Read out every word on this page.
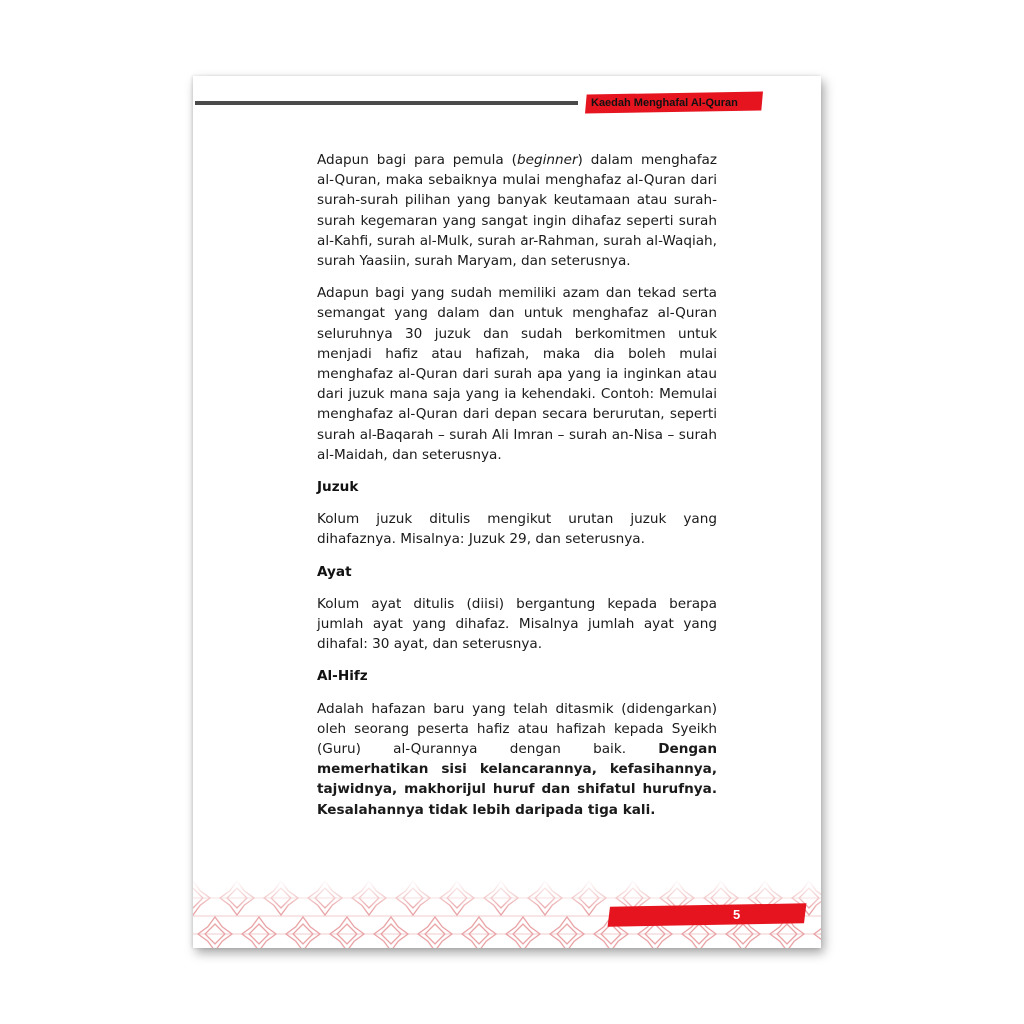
Kaedah Menghafal Al-Quran

Adapun bagi para pemula (beginner) dalam menghafaz al-Quran, maka sebaiknya mulai menghafaz al-Quran dari surah-surah pilihan yang banyak keutamaan atau surah-surah kegemaran yang sangat ingin dihafaz seperti surah al-Kahfi, surah al-Mulk, surah ar-Rahman, surah al-Waqiah, surah Yaasiin, surah Maryam, dan seterusnya.

Adapun bagi yang sudah memiliki azam dan tekad serta semangat yang dalam dan untuk menghafaz al-Quran seluruhnya 30 juzuk dan sudah berkomitmen untuk menjadi hafiz atau hafizah, maka dia boleh mulai menghafaz al-Quran dari surah apa yang ia inginkan atau dari juzuk mana saja yang ia kehendaki. Contoh: Memulai menghafaz al-Quran dari depan secara berurutan, seperti surah al-Baqarah – surah Ali Imran – surah an-Nisa – surah al-Maidah, dan seterusnya.

Juzuk

Kolum juzuk ditulis mengikut urutan juzuk yang dihafaznya. Misalnya: Juzuk 29, dan seterusnya.

Ayat

Kolum ayat ditulis (diisi) bergantung kepada berapa jumlah ayat yang dihafaz. Misalnya jumlah ayat yang dihafal: 30 ayat, dan seterusnya.

Al-Hifz

Adalah hafazan baru yang telah ditasmik (didengarkan) oleh seorang peserta hafiz atau hafizah kepada Syeikh (Guru) al-Qurannya dengan baik. Dengan memerhatikan sisi kelancarannya, kefasihannya, tajwidnya, makhorijul huruf dan shifatul hurufnya. Kesalahannya tidak lebih daripada tiga kali.

5
